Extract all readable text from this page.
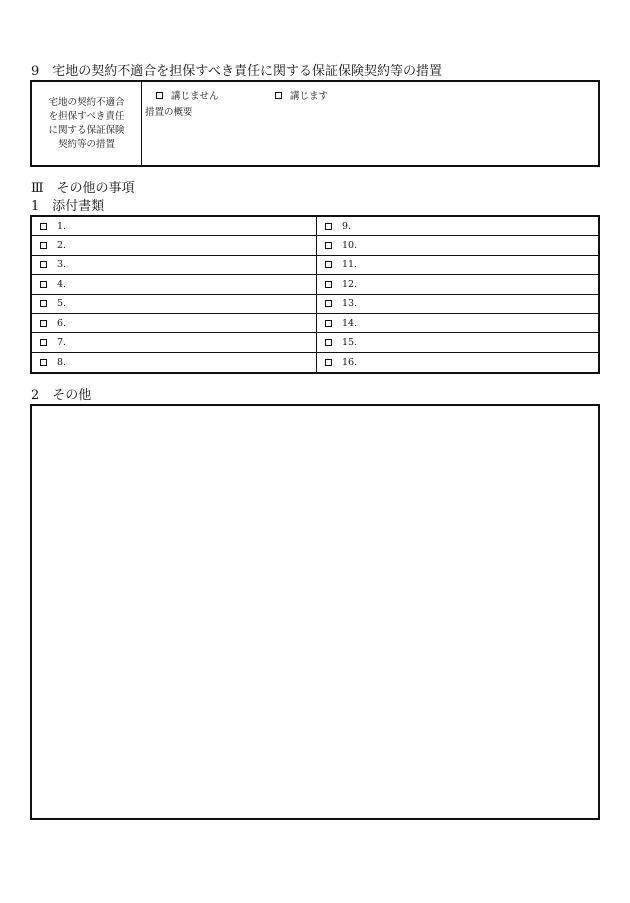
9　宅地の契約不適合を担保すべき責任に関する保証保険契約等の措置
宅地の契約不適合
を担保すべき責任
に関する保証保険
契約等の措置
講じません	講じます
措置の概要
Ⅲ　その他の事項
1　添付書類
1.
2.
3.
4.
5.
6.
7.
8.
9.
10.
11.
12.
13.
14.
15.
16.
2　その他
